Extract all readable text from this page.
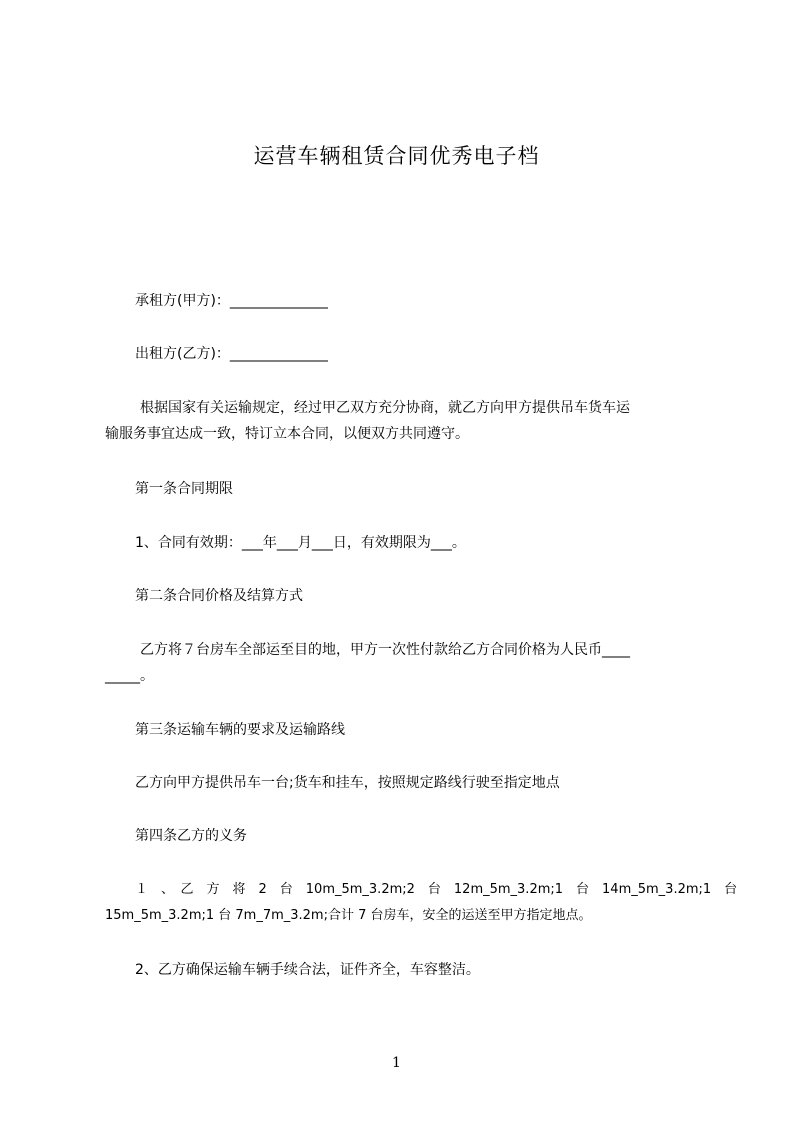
运营车辆租赁合同优秀电子档
承租方(甲方)：______________
出租方(乙方)：______________
根据国家有关运输规定，经过甲乙双方充分协商，就乙方向甲方提供吊车货车运
输服务事宜达成一致，特订立本合同，以便双方共同遵守。
第一条合同期限
1、合同有效期：___年___月___日，有效期限为___。
第二条合同价格及结算方式
乙方将７台房车全部运至目的地，甲方一次性付款给乙方合同价格为人民币____
_____。
第三条运输车辆的要求及运输路线
乙方向甲方提供吊车一台;货车和挂车，按照规定路线行驶至指定地点
第四条乙方的义务
１　、　乙　方　将　2　台　10m_5m_3.2m;2　台　12m_5m_3.2m;1　台　14m_5m_3.2m;1　台
15m_5m_3.2m;1 台 7m_7m_3.2m;合计 7 台房车，安全的运送至甲方指定地点。
2、乙方确保运输车辆手续合法，证件齐全，车容整洁。
1
